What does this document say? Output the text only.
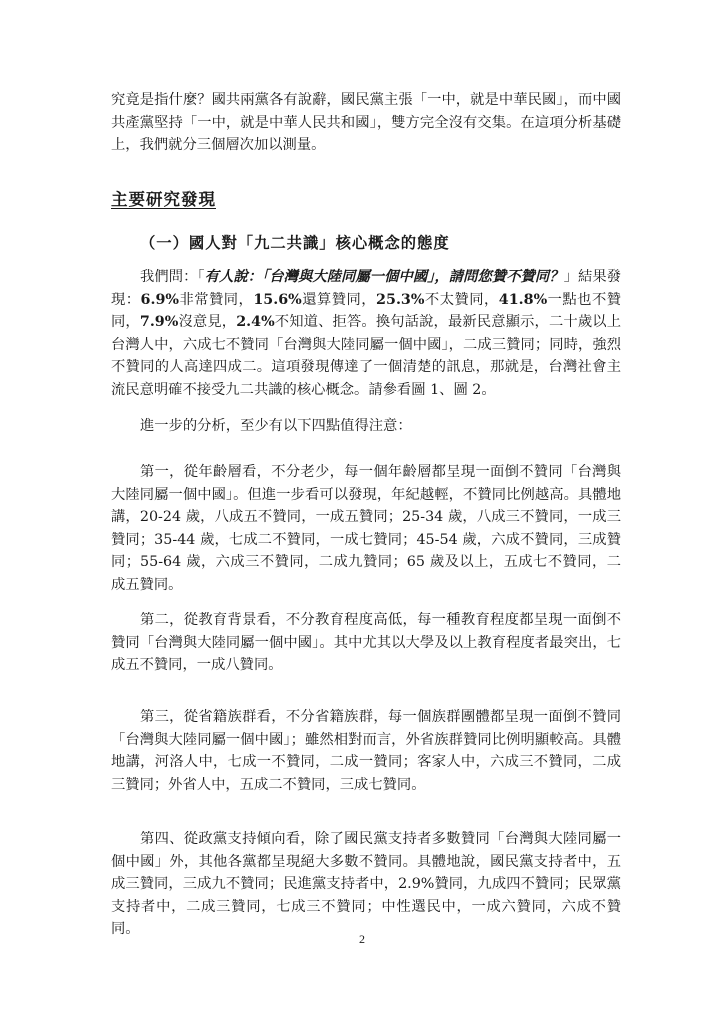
究竟是指什麼？國共兩黨各有說辭，國民黨主張「一中，就是中華民國」，而中國共產黨堅持「一中，就是中華人民共和國」，雙方完全沒有交集。在這項分析基礎上，我們就分三個層次加以測量。

主要研究發現
（一）國人對「九二共識」核心概念的態度

我們問：「有人說：「台灣與大陸同屬一個中國」，請問您贊不贊同？」結果發現：6.9%非常贊同，15.6%還算贊同，25.3%不太贊同，41.8%一點也不贊同，7.9%沒意見，2.4%不知道、拒答。換句話說，最新民意顯示，二十歲以上台灣人中，六成七不贊同「台灣與大陸同屬一個中國」，二成三贊同；同時，強烈不贊同的人高達四成二。這項發現傳達了一個清楚的訊息，那就是，台灣社會主流民意明確不接受九二共識的核心概念。請參看圖 1、圖 2。

進一步的分析，至少有以下四點值得注意：

第一，從年齡層看，不分老少，每一個年齡層都呈現一面倒不贊同「台灣與大陸同屬一個中國」。但進一步看可以發現，年紀越輕，不贊同比例越高。具體地講，20-24 歲，八成五不贊同，一成五贊同；25-34 歲，八成三不贊同，一成三贊同；35-44 歲，七成二不贊同，一成七贊同；45-54 歲，六成不贊同，三成贊同；55-64 歲，六成三不贊同，二成九贊同；65 歲及以上，五成七不贊同，二成五贊同。

第二，從教育背景看，不分教育程度高低，每一種教育程度都呈現一面倒不贊同「台灣與大陸同屬一個中國」。其中尤其以大學及以上教育程度者最突出，七成五不贊同，一成八贊同。

第三，從省籍族群看，不分省籍族群，每一個族群團體都呈現一面倒不贊同「台灣與大陸同屬一個中國」；雖然相對而言，外省族群贊同比例明顯較高。具體地講，河洛人中，七成一不贊同，二成一贊同；客家人中，六成三不贊同，二成三贊同；外省人中，五成二不贊同，三成七贊同。

第四、從政黨支持傾向看，除了國民黨支持者多數贊同「台灣與大陸同屬一個中國」外，其他各黨都呈現絕大多數不贊同。具體地說，國民黨支持者中，五成三贊同，三成九不贊同；民進黨支持者中，2.9%贊同，九成四不贊同；民眾黨支持者中，二成三贊同，七成三不贊同；中性選民中，一成六贊同，六成不贊同。

2
